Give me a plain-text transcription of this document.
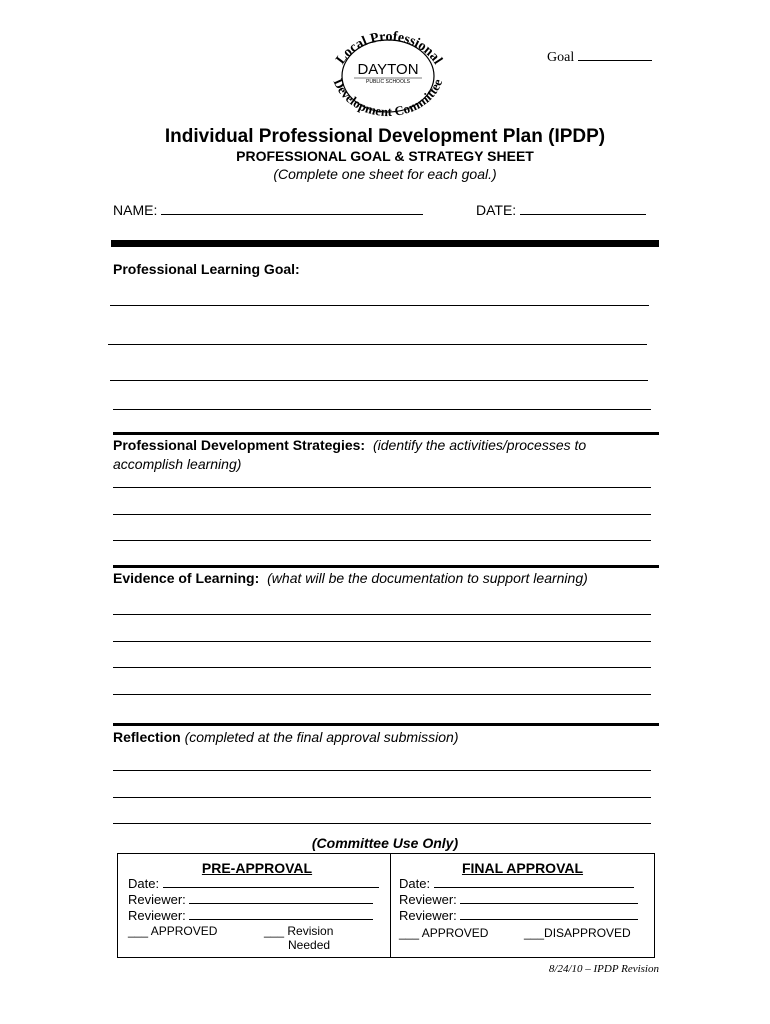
Local Professional
Development Committee
DAYTON
PUBLIC SCHOOLS
Goal
Individual Professional Development Plan (IPDP)
PROFESSIONAL GOAL & STRATEGY SHEET
(Complete one sheet for each goal.)
NAME:	DATE:
Professional Learning Goal:
Professional Development Strategies: (identify the activities/processes to
accomplish learning)
Evidence of Learning: (what will be the documentation to support learning)
Reflection (completed at the final approval submission)
(Committee Use Only)
PRE-APPROVAL
Date:
Reviewer:
Reviewer:
___ APPROVED	___ Revision
Needed
FINAL APPROVAL
Date:
Reviewer:
Reviewer:
___ APPROVED	___DISAPPROVED
8/24/10 – IPDP Revision
